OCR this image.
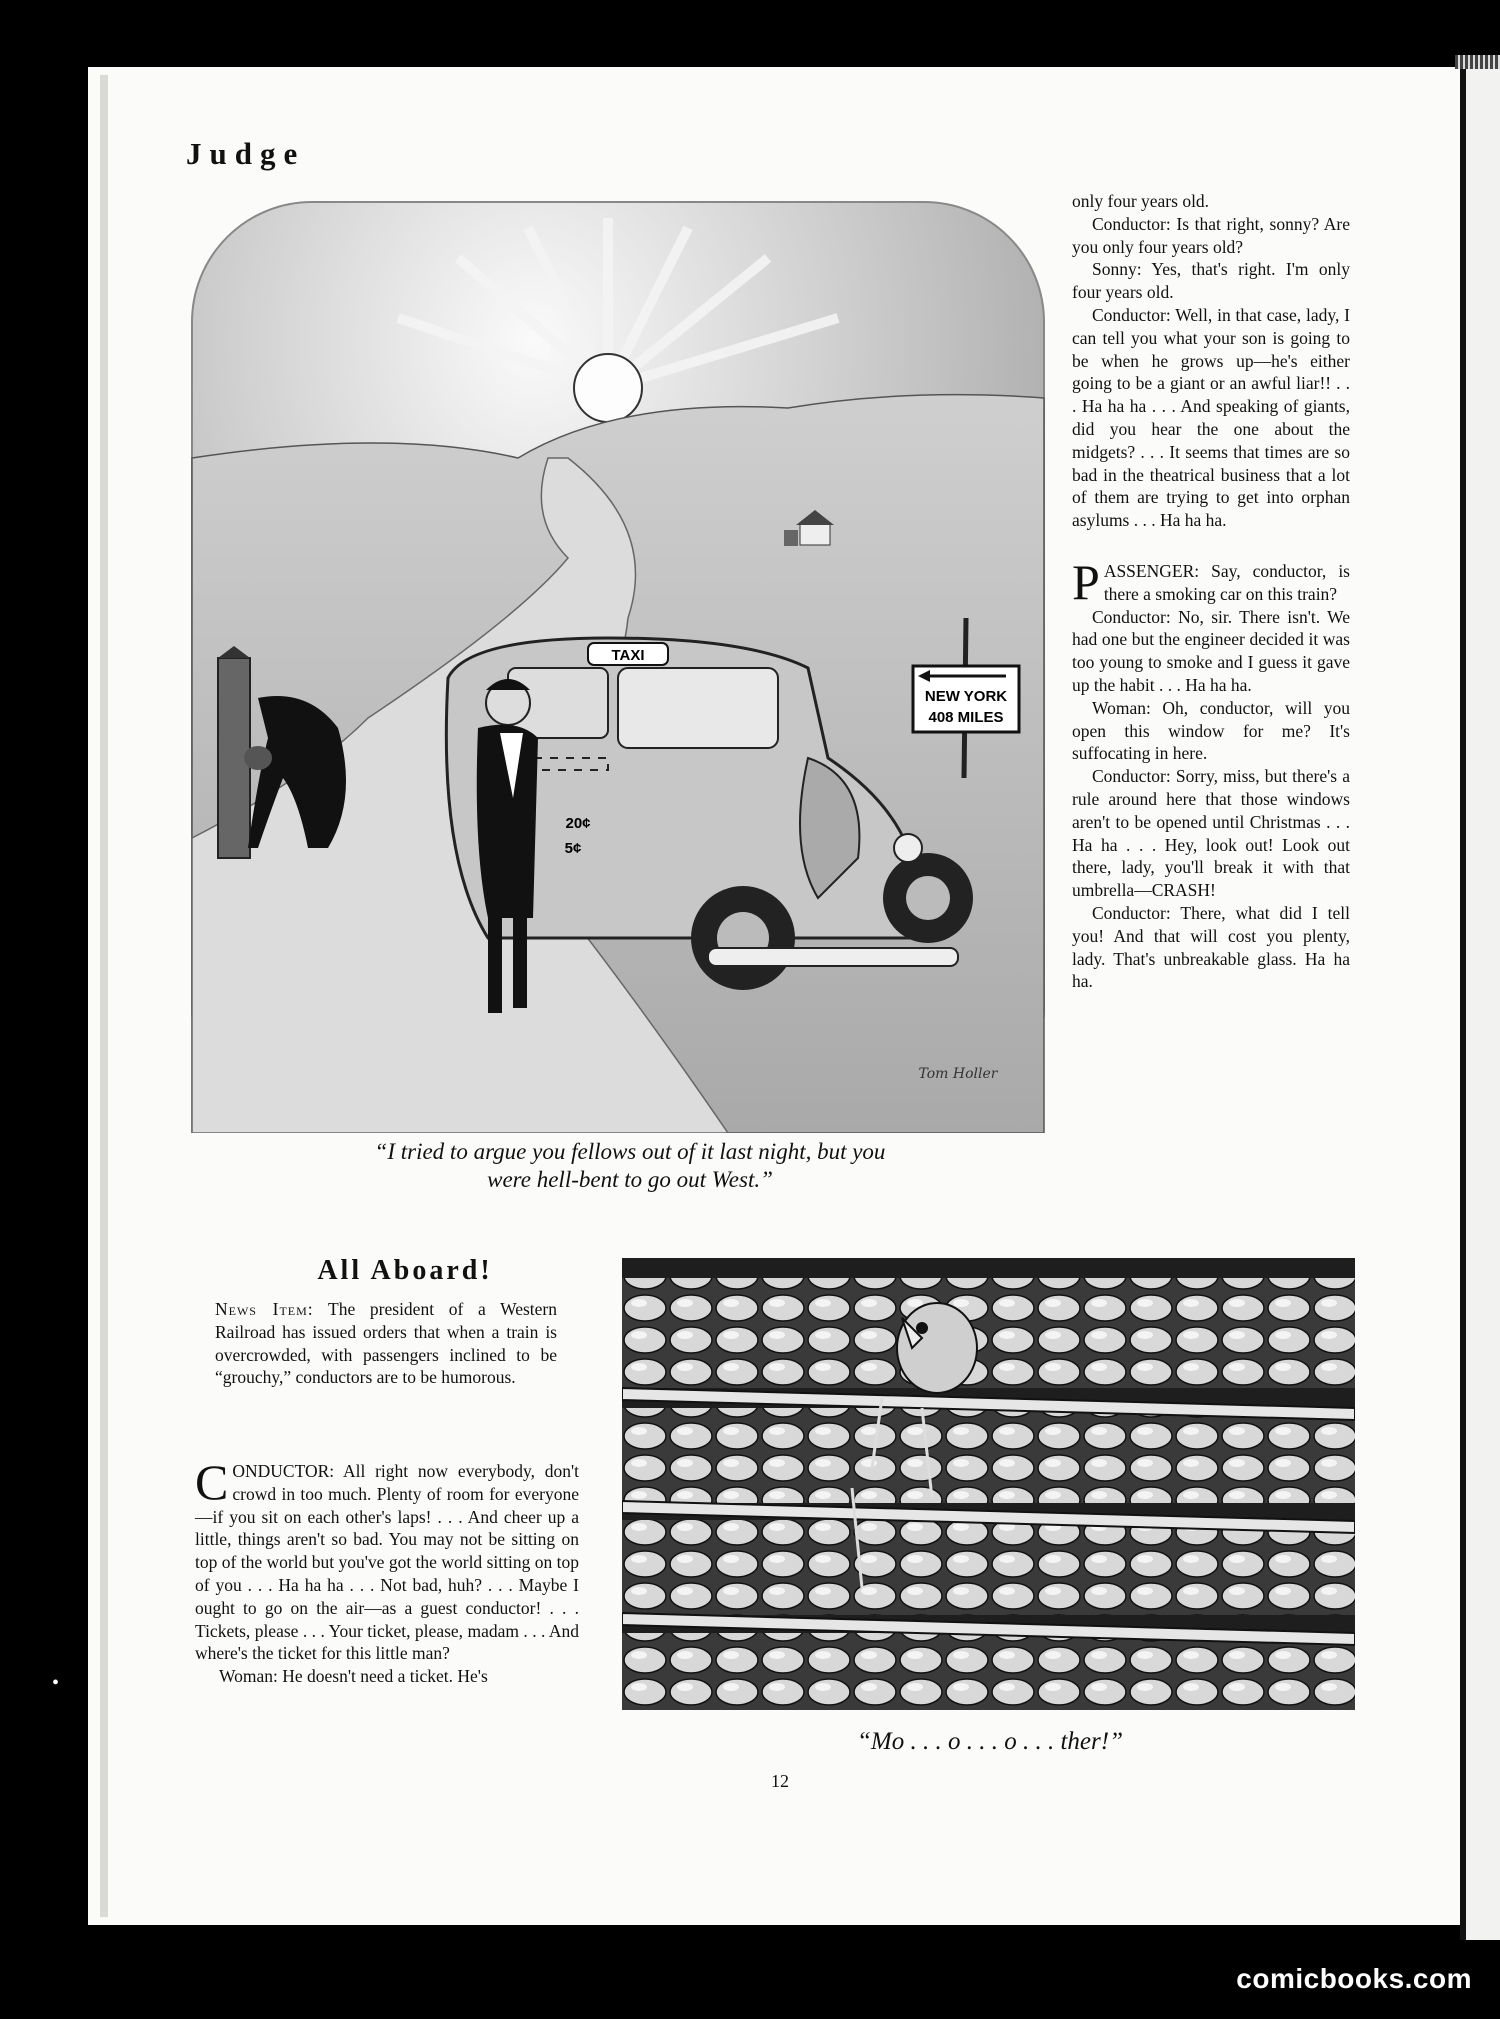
•
Judge
NEW YORK
408 MILES
TAXI
20¢
5¢
Tom Holler
“I tried to argue you fellows out of it last night, but you
were hell-bent to go out West.”

only four years old.

Conductor: Is that right, sonny? Are you only four years old?

Sonny: Yes, that's right. I'm only four years old.

Conductor: Well, in that case, lady, I can tell you what your son is going to be when he grows up—he's either going to be a giant or an awful liar!! . . . Ha ha ha . . . And speaking of giants, did you hear the one about the midgets? . . . It seems that times are so bad in the theatrical business that a lot of them are trying to get into orphan asylums . . . Ha ha ha.

PASSENGER: Say, conductor, is there a smoking car on this train?

Conductor: No, sir. There isn't. We had one but the engineer decided it was too young to smoke and I guess it gave up the habit . . . Ha ha ha.

Woman: Oh, conductor, will you open this window for me? It's suffocating in here.

Conductor: Sorry, miss, but there's a rule around here that those windows aren't to be opened until Christmas . . . Ha ha . . . Hey, look out! Look out there, lady, you'll break it with that umbrella—CRASH!

Conductor: There, what did I tell you! And that will cost you plenty, lady. That's unbreakable glass. Ha ha ha.

All Aboard!
News Item: The president of a Western Railroad has issued orders that when a train is overcrowded, with passengers inclined to be “grouchy,” conductors are to be humorous.

CONDUCTOR: All right now everybody, don't crowd in too much. Plenty of room for everyone—if you sit on each other's laps! . . . And cheer up a little, things aren't so bad. You may not be sitting on top of the world but you've got the world sitting on top of you . . . Ha ha ha . . . Not bad, huh? . . . Maybe I ought to go on the air—as a guest conductor! . . . Tickets, please . . . Your ticket, please, madam . . . And where's the ticket for this little man?

Woman: He doesn't need a ticket. He's

“Mo . . . o . . . o . . . ther!”
12
comicbooks.com
